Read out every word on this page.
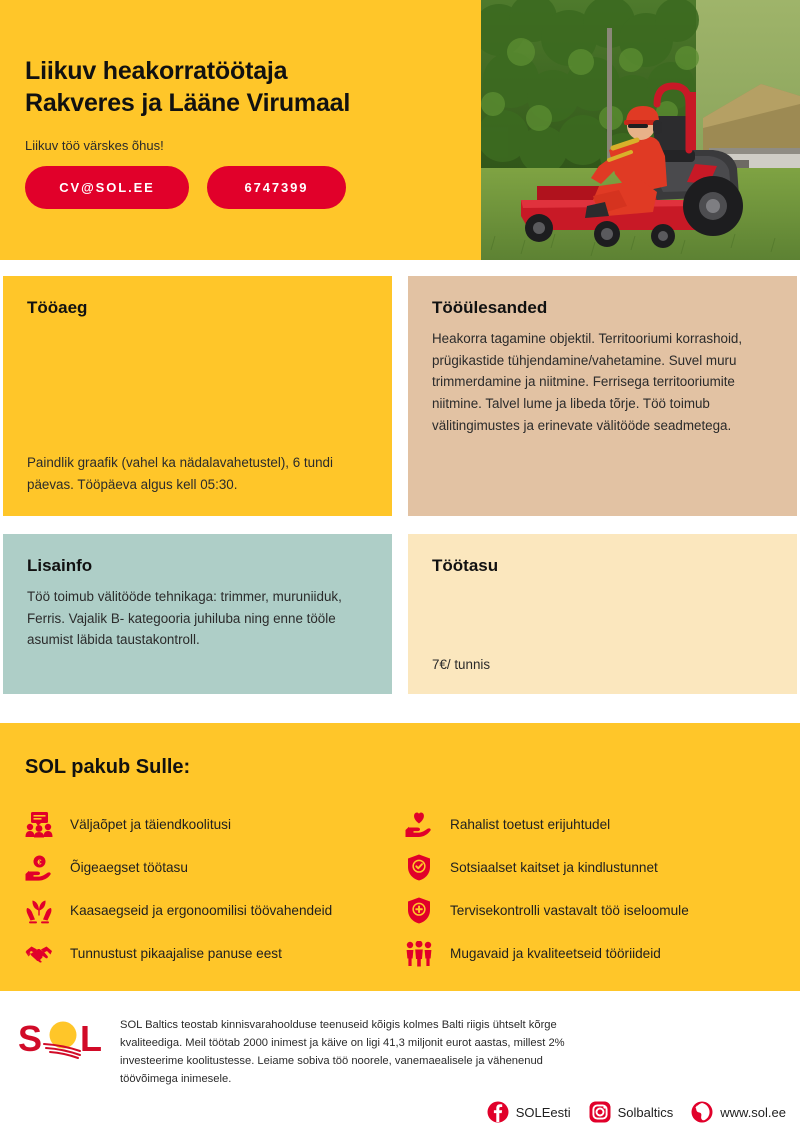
Liikuv heakorratöötaja
Rakveres ja Lääne Virumaal
Liikuv töö värskes õhus!
CV@SOL.EE	6747399
Tööaeg

Paindlik graafik (vahel ka nädalavahetustel), 6 tundi päevas. Tööpäeva algus kell 05:30.

Tööülesanded

Heakorra tagamine objektil. Territooriumi korrashoid, prügikastide tühjendamine/vahetamine. Suvel muru trimmerdamine ja niitmine. Ferrisega territooriumite niitmine. Talvel lume ja libeda tõrje. Töö toimub välitingimustes ja erinevate välitööde seadmetega.

Lisainfo

Töö toimub välitööde tehnikaga: trimmer, muruniiduk, Ferris. Vajalik B- kategooria juhiluba ning enne tööle asumist läbida taustakontroll.

Töötasu

7€/ tunnis

SOL pakub Sulle:
Väljaõpet ja täiendkoolitusi	Rahalist toetust erijuhtudel
€ Õigeaegset töötasu	Sotsiaalset kaitset ja kindlustunnet
Kaasaegseid ja ergonoomilisi töövahendeid	Tervisekontrolli vastavalt töö iseloomule
Tunnustust pikaajalise panuse eest	Mugavaid ja kvaliteetseid tööriideid
S L SOL Baltics teostab kinnisvarahoolduse teenuseid kõigis kolmes Balti riigis ühtselt kõrge kvaliteediga. Meil töötab 2000 inimest ja käive on ligi 41,3 miljonit eurot aastas, millest 2% investeerime koolitustesse. Leiame sobiva töö noorele, vanemaealisele ja vähenenud töövõimega inimesele.
SOLEesti	Solbaltics	www.sol.ee
